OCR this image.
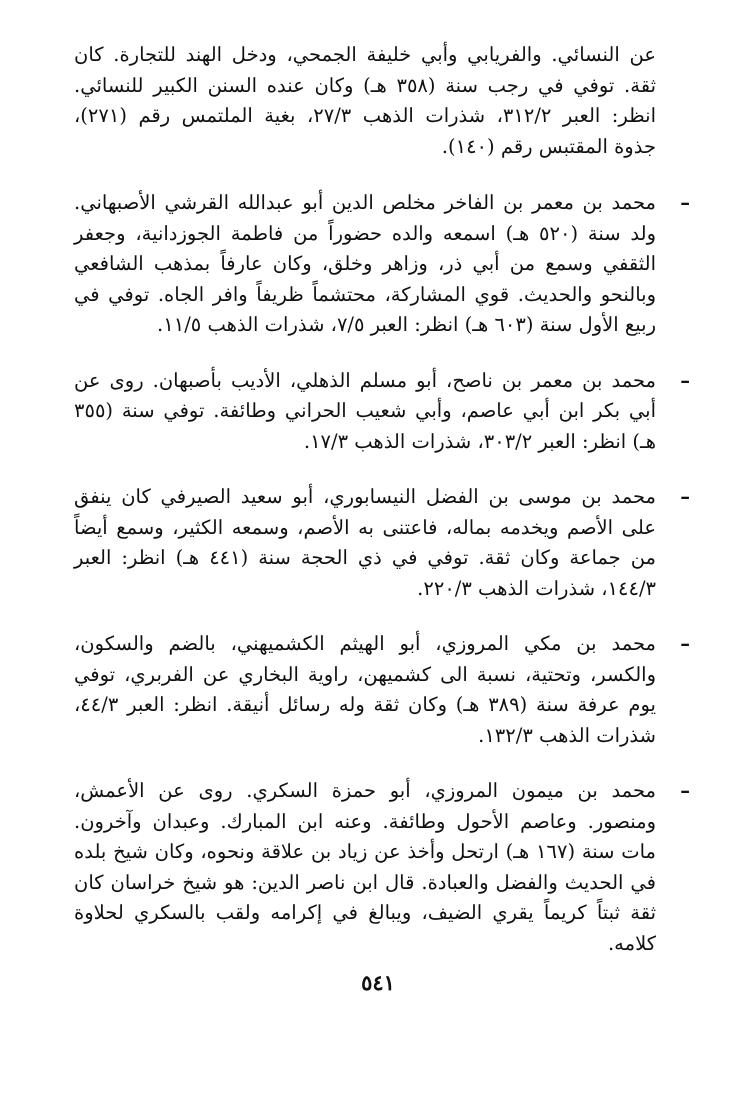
عن النسائي. والفريابي وأبي خليفة الجمحي، ودخل الهند للتجارة. كان ثقة. توفي في رجب سنة (٣٥٨ هـ) وكان عنده السنن الكبير للنسائي. انظر: العبر ٣١٢/٢، شذرات الذهب ٢٧/٣، بغية الملتمس رقم (٢٧١)، جذوة المقتبس رقم (١٤٠).
–
محمد بن معمر بن الفاخر مخلص الدين أبو عبدالله القرشي الأصبهاني. ولد سنة (٥٢٠ هـ) اسمعه والده حضوراً من فاطمة الجوزدانية، وجعفر الثقفي وسمع من أبي ذر، وزاهر وخلق، وكان عارفاً بمذهب الشافعي وبالنحو والحديث. قوي المشاركة، محتشماً ظريفاً وافر الجاه. توفي في ربيع الأول سنة (٦٠٣ هـ) انظر: العبر ٧/٥، شذرات الذهب ١١/٥.
–
محمد بن معمر بن ناصح، أبو مسلم الذهلي، الأديب بأصبهان. روى عن أبي بكر ابن أبي عاصم، وأبي شعيب الحراني وطائفة. توفي سنة (٣٥٥ هـ) انظر: العبر ٣٠٣/٢، شذرات الذهب ١٧/٣.
–
محمد بن موسى بن الفضل النيسابوري، أبو سعيد الصيرفي كان ينفق على الأصم ويخدمه بماله، فاعتنى به الأصم، وسمعه الكثير، وسمع أيضاً من جماعة وكان ثقة. توفي في ذي الحجة سنة (٤٤١ هـ) انظر: العبر ١٤٤/٣، شذرات الذهب ٢٢٠/٣.
–
محمد بن مكي المروزي، أبو الهيثم الكشميهني، بالضم والسكون، والكسر، وتحتية، نسبة الى كشميهن، راوية البخاري عن الفربري، توفي يوم عرفة سنة (٣٨٩ هـ) وكان ثقة وله رسائل أنيقة. انظر: العبر ٤٤/٣، شذرات الذهب ١٣٢/٣.
–
محمد بن ميمون المروزي، أبو حمزة السكري. روى عن الأعمش، ومنصور. وعاصم الأحول وطائفة. وعنه ابن المبارك. وعبدان وآخرون. مات سنة (١٦٧ هـ) ارتحل وأخذ عن زياد بن علاقة ونحوه، وكان شيخ بلده في الحديث والفضل والعبادة. قال ابن ناصر الدين: هو شيخ خراسان كان ثقة ثبتاً كريماً يقري الضيف، ويبالغ في إكرامه ولقب بالسكري لحلاوة كلامه.
٥٤١
